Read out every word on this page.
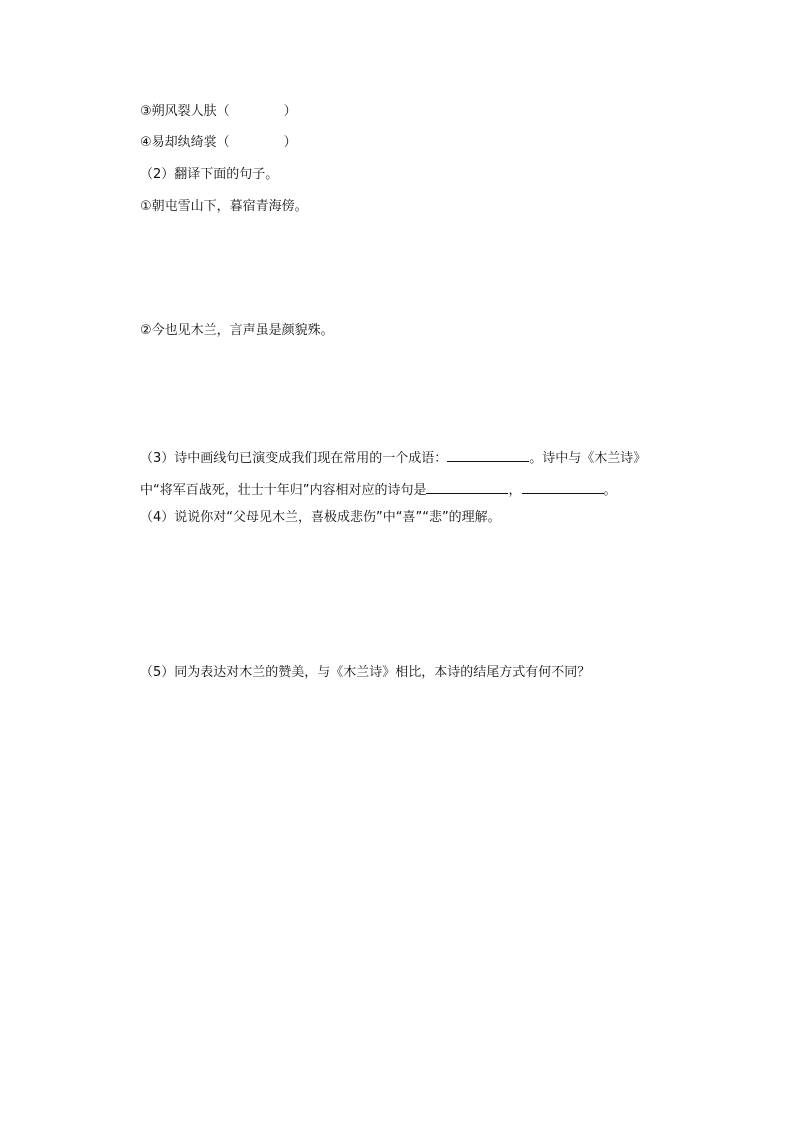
③朔风裂人肤（	）
④易却纨绮裳（	）
（2）翻译下面的句子。
①朝屯雪山下，暮宿青海傍。
②今也见木兰，言声虽是颜貌殊。
（3）诗中画线句已演变成我们现在常用的一个成语：	。诗中与《木兰诗》
中“将军百战死，壮士十年归”内容相对应的诗句是	，	。
（4）说说你对“父母见木兰，喜极成悲伤”中“喜”“悲”的理解。
（5）同为表达对木兰的赞美，与《木兰诗》相比，本诗的结尾方式有何不同？
